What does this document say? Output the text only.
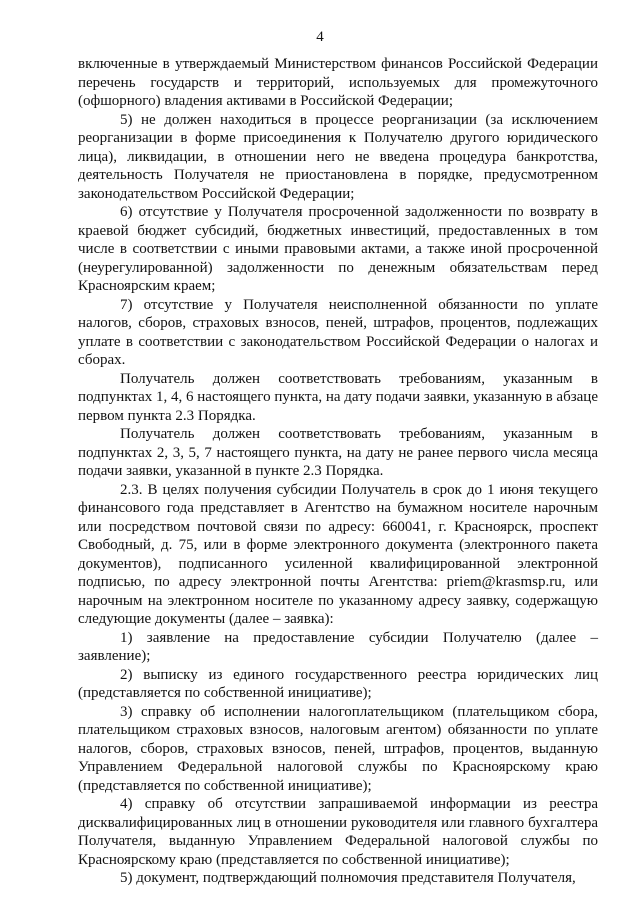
4

включенные в утверждаемый Министерством финансов Российской Федерации перечень государств и территорий, используемых для промежуточного (офшорного) владения активами в Российской Федерации;

5) не должен находиться в процессе реорганизации (за исключением реорганизации в форме присоединения к Получателю другого юридического лица), ликвидации, в отношении него не введена процедура банкротства, деятельность Получателя не приостановлена в порядке, предусмотренном законодательством Российской Федерации;

6) отсутствие у Получателя просроченной задолженности по возврату в краевой бюджет субсидий, бюджетных инвестиций, предоставленных в том числе в соответствии с иными правовыми актами, а также иной просроченной (неурегулированной) задолженности по денежным обязательствам перед Красноярским краем;

7) отсутствие у Получателя неисполненной обязанности по уплате налогов, сборов, страховых взносов, пеней, штрафов, процентов, подлежащих уплате в соответствии с законодательством Российской Федерации о налогах и сборах.

Получатель должен соответствовать требованиям, указанным в подпунктах 1, 4, 6 настоящего пункта, на дату подачи заявки, указанную в абзаце первом пункта 2.3 Порядка.

Получатель должен соответствовать требованиям, указанным в подпунктах 2, 3, 5, 7 настоящего пункта, на дату не ранее первого числа месяца подачи заявки, указанной в пункте 2.3 Порядка.

2.3. В целях получения субсидии Получатель в срок до 1 июня текущего финансового года представляет в Агентство на бумажном носителе нарочным или посредством почтовой связи по адресу: 660041, г. Красноярск, проспект Свободный, д. 75, или в форме электронного документа (электронного пакета документов), подписанного усиленной квалифицированной электронной подписью, по адресу электронной почты Агентства: priem@krasmsp.ru, или нарочным на электронном носителе по указанному адресу заявку, содержащую следующие документы (далее – заявка):

1) заявление на предоставление субсидии Получателю (далее – заявление);

2) выписку из единого государственного реестра юридических лиц (представляется по собственной инициативе);

3) справку об исполнении налогоплательщиком (плательщиком сбора, плательщиком страховых взносов, налоговым агентом) обязанности по уплате налогов, сборов, страховых взносов, пеней, штрафов, процентов, выданную Управлением Федеральной налоговой службы по Красноярскому краю (представляется по собственной инициативе);

4) справку об отсутствии запрашиваемой информации из реестра дисквалифицированных лиц в отношении руководителя или главного бухгалтера Получателя, выданную Управлением Федеральной налоговой службы по Красноярскому краю (представляется по собственной инициативе);

5) документ, подтверждающий полномочия представителя Получателя,
